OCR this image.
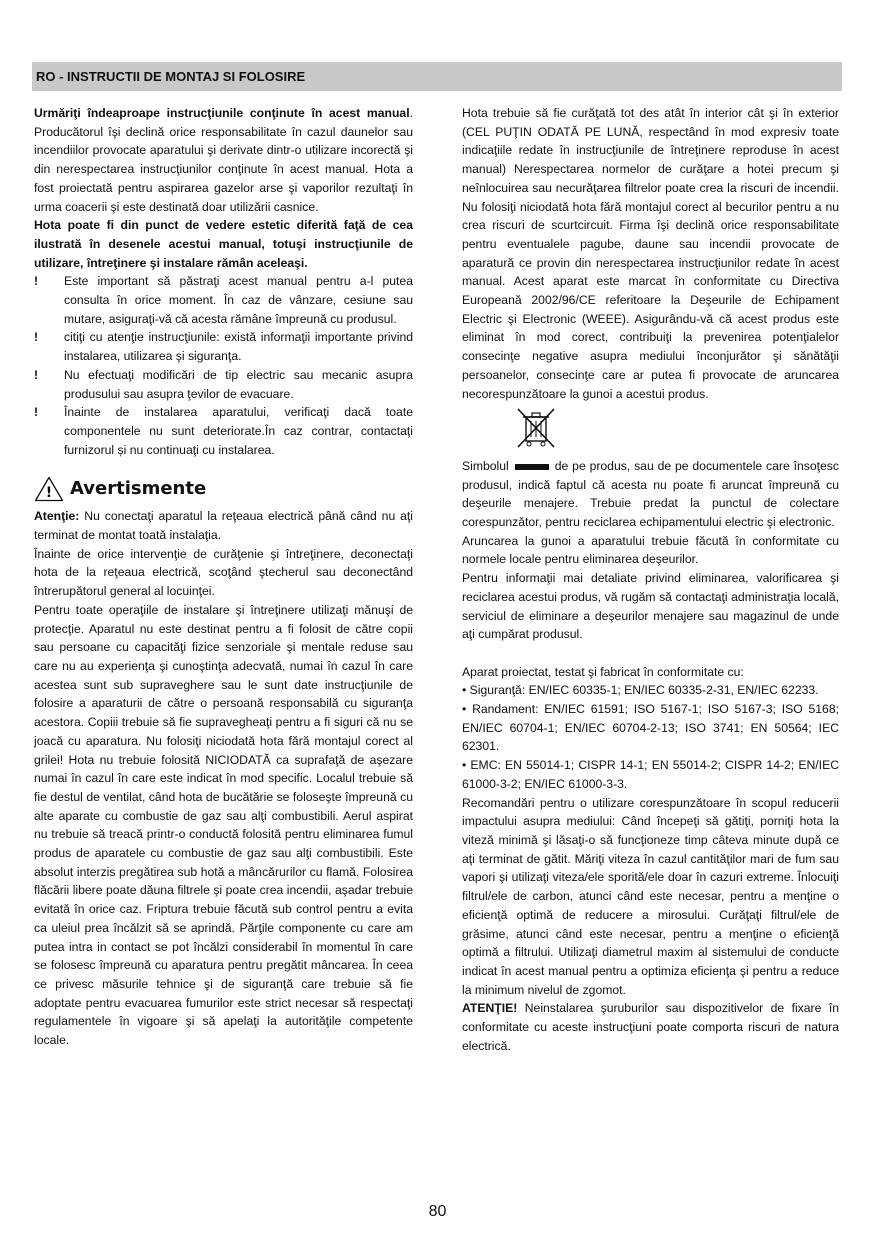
RO - INSTRUCTII DE MONTAJ SI FOLOSIRE

Urmăriţi îndeaproape instrucţiunile conţinute în acest manual. Producătorul îşi declină orice responsabilitate în cazul daunelor sau incendiilor provocate aparatului şi derivate dintr-o utilizare incorectă şi din nerespectarea instrucţiunilor conţinute în acest manual. Hota a fost proiectată pentru aspirarea gazelor arse şi vaporilor rezultaţi în urma coacerii şi este destinată doar utilizării casnice.

Hota poate fi din punct de vedere estetic diferită faţă de cea ilustrată în desenele acestui manual, totuşi instrucţiunile de utilizare, întreţinere şi instalare rămân aceleaşi.

! Este important să păstraţi acest manual pentru a-l putea consulta în orice moment. În caz de vânzare, cesiune sau mutare, asiguraţi-vă că acesta rămâne împreună cu produsul.
! citiţi cu atenţie instrucţiunile: există informaţii importante privind instalarea, utilizarea şi siguranţa.
! Nu efectuaţi modificări de tip electric sau mecanic asupra produsului sau asupra ţevilor de evacuare.
! Înainte de instalarea aparatului, verificaţi dacă toate componentele nu sunt deteriorate.În caz contrar, contactaţi furnizorul și nu continuaţi cu instalarea.
! Avertismente

Atenţie: Nu conectaţi aparatul la reţeaua electrică până când nu aţi terminat de montat toată instalaţia.

Înainte de orice intervenţie de curăţenie şi întreţinere, deconectaţi hota de la reţeaua electrică, scoţând ştecherul sau deconectând întrerupătorul general al locuinţei.

Pentru toate operaţiile de instalare şi întreţinere utilizaţi mănuşi de protecţie. Aparatul nu este destinat pentru a fi folosit de către copii sau persoane cu capacităţi fizice senzoriale şi mentale reduse sau care nu au experienţa şi cunoştinţa adecvată, numai în cazul în care acestea sunt sub supraveghere sau le sunt date instrucţiunile de folosire a aparaturii de către o persoană responsabilă cu siguranţa acestora. Copiii trebuie să fie supravegheaţi pentru a fi siguri că nu se joacă cu aparatura. Nu folosiţi niciodată hota fără montajul corect al grilei! Hota nu trebuie folosită NICIODATĂ ca suprafaţă de aşezare numai în cazul în care este indicat în mod specific. Localul trebuie să fie destul de ventilat, când hota de bucătărie se foloseşte împreună cu alte aparate cu combustie de gaz sau alţi combustibili. Aerul aspirat nu trebuie să treacă printr-o conductă folosită pentru eliminarea fumul produs de aparatele cu combustie de gaz sau alţi combustibili. Este absolut interzis pregătirea sub hotă a mâncărurilor cu flamă. Folosirea flăcării libere poate dăuna filtrele şi poate crea incendii, aşadar trebuie evitată în orice caz. Friptura trebuie făcută sub control pentru a evita ca uleiul prea încălzit să se aprindă. Părţile componente cu care am putea intra in contact se pot încălzi considerabil în momentul în care se folosesc împreună cu aparatura pentru pregătit mâncarea. În ceea ce privesc măsurile tehnice şi de siguranţă care trebuie să fie adoptate pentru evacuarea fumurilor este strict necesar să respectaţi regulamentele în vigoare şi să apelaţi la autorităţile competente locale.

Hota trebuie să fie curăţată tot des atât în interior cât şi în exterior (CEL PUŢIN ODATĂ PE LUNĂ, respectând în mod expresiv toate indicaţiile redate în instrucţiunile de întreţinere reproduse în acest manual) Nerespectarea normelor de curăţare a hotei precum şi neînlocuirea sau necurăţarea filtrelor poate crea la riscuri de incendii. Nu folosiţi niciodată hota fără montajul corect al becurilor pentru a nu crea riscuri de scurtcircuit. Firma îşi declină orice responsabilitate pentru eventualele pagube, daune sau incendii provocate de aparatură ce provin din nerespectarea instrucţiunilor redate în acest manual. Acest aparat este marcat în conformitate cu Directiva Europeană 2002/96/CE referitoare la Deşeurile de Echipament Electric şi Electronic (WEEE). Asigurându-vă că acest produs este eliminat în mod corect, contribuiţi la prevenirea potenţialelor consecinţe negative asupra mediului înconjurător şi sănătăţii persoanelor, consecinţe care ar putea fi provocate de aruncarea necorespunzătoare la gunoi a acestui produs.

Simbolul	de pe produs, sau de pe documentele care însoţesc produsul, indică faptul că acesta nu poate fi aruncat împreună cu deşeurile menajere. Trebuie predat la punctul de colectare corespunzător, pentru reciclarea echipamentului electric şi electronic.

Aruncarea la gunoi a aparatului trebuie făcută în conformitate cu normele locale pentru eliminarea deşeurilor.

Pentru informaţii mai detaliate privind eliminarea, valorificarea şi reciclarea acestui produs, vă rugăm să contactaţi administraţia locală, serviciul de eliminare a deşeurilor menajere sau magazinul de unde aţi cumpărat produsul.

Aparat proiectat, testat şi fabricat în conformitate cu:

• Siguranţă: EN/IEC 60335-1; EN/IEC 60335-2-31, EN/IEC 62233.

• Randament: EN/IEC 61591; ISO 5167-1; ISO 5167-3; ISO 5168; EN/IEC 60704-1; EN/IEC 60704-2-13; ISO 3741; EN 50564; IEC 62301.

• EMC: EN 55014-1; CISPR 14-1; EN 55014-2; CISPR 14-2; EN/IEC 61000-3-2; EN/IEC 61000-3-3.

Recomandări pentru o utilizare corespunzătoare în scopul reducerii impactului asupra mediului: Când începeţi să gătiţi, porniţi hota la viteză minimă şi lăsaţi-o să funcţioneze timp câteva minute după ce aţi terminat de gătit. Măriţi viteza în cazul cantităţilor mari de fum sau vapori şi utilizaţi viteza/ele sporită/ele doar în cazuri extreme. Înlocuiţi filtrul/ele de carbon, atunci când este necesar, pentru a menţine o eficienţă optimă de reducere a mirosului. Curăţaţi filtrul/ele de grăsime, atunci când este necesar, pentru a menţine o eficienţă optimă a filtrului. Utilizaţi diametrul maxim al sistemului de conducte indicat în acest manual pentru a optimiza eficienţa şi pentru a reduce la minimum nivelul de zgomot.

ATENŢIE! Neinstalarea şuruburilor sau dispozitivelor de fixare în conformitate cu aceste instrucţiuni poate comporta riscuri de natura electrică.

80
